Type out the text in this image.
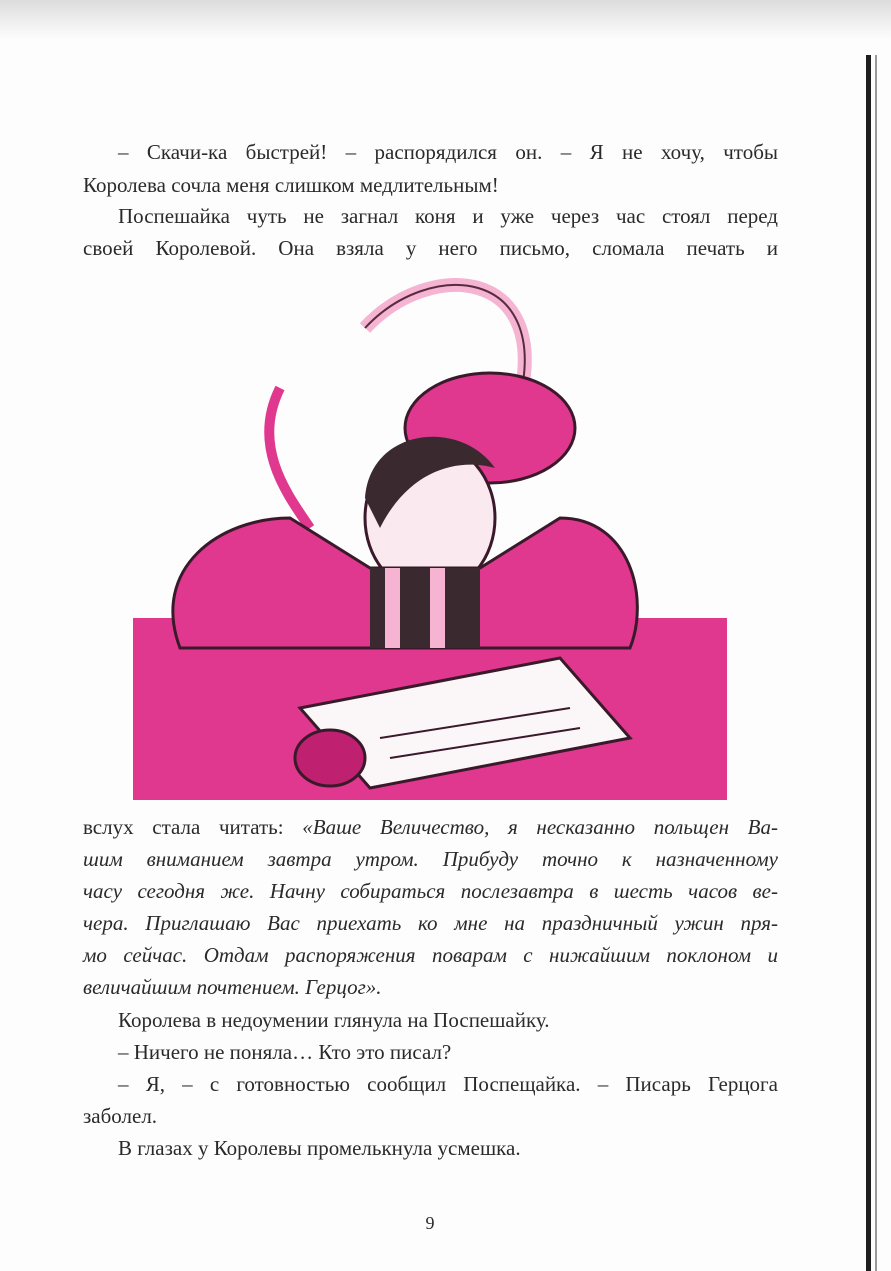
– Скачи-ка быстрей! – распорядился он. – Я не хочу, чтобы
Королева сочла меня слишком медлительным!
Поспешайка чуть не загнал коня и уже через час стоял перед
своей Королевой. Она взяла у него письмо, сломала печать и
вслух стала читать: «Ваше Величество, я несказанно польщен Ва-
шим вниманием завтра утром. Прибуду точно к назначенному
часу сегодня же. Начну собираться послезавтра в шесть часов ве-
чера. Приглашаю Вас приехать ко мне на праздничный ужин пря-
мо сейчас. Отдам распоряжения поварам с нижайшим поклоном и
величайшим почтением. Герцог».
Королева в недоумении глянула на Поспешайку.
– Ничего не поняла… Кто это писал?
– Я, – с готовностью сообщил Поспещайка. – Писарь Герцога
заболел.
В глазах у Королевы промелькнула усмешка.
9
